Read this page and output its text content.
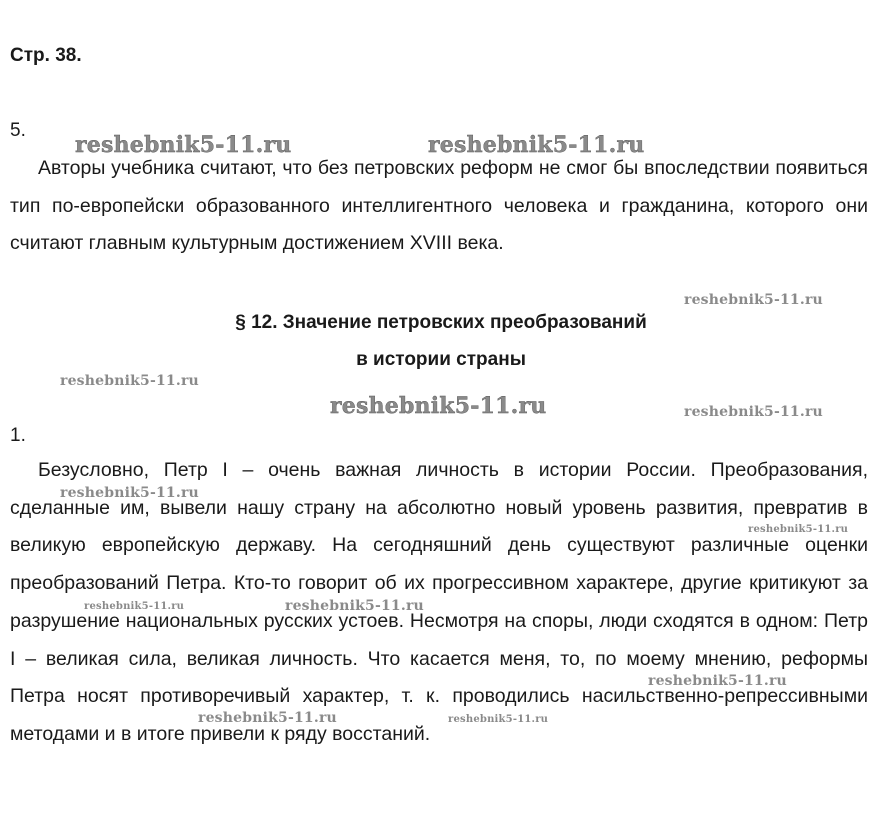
Стр. 38.
5.

Авторы учебника считают, что без петровских реформ не смог бы впоследствии появиться тип по-европейски образованного интеллигентного человека и гражданина, которого они считают главным культурным достижением XVIII века.

§ 12. Значение петровских преобразований
в истории страны
1.

Безусловно, Петр I – очень важная личность в истории России. Преобразования, сделанные им, вывели нашу страну на абсолютно новый уровень развития, превратив в великую европейскую державу. На сегодняшний день существуют различные оценки преобразований Петра. Кто-то говорит об их прогрессивном характере, другие критикуют за разрушение национальных русских устоев. Несмотря на споры, люди сходятся в одном: Петр I – великая сила, великая личность. Что касается меня, то, по моему мнению, реформы Петра носят противоречивый характер, т. к. проводились насильственно-репрессивными методами и в итоге привели к ряду восстаний.

reshebnik5-11.ru	reshebnik5-11.ru
reshebnik5-11.ru
reshebnik5-11.ru
reshebnik5-11.ru	reshebnik5-11.ru
reshebnik5-11.ru
reshebnik5-11.ru
reshebnik5-11.ru	reshebnik5-11.ru
reshebnik5-11.ru
reshebnik5-11.ru	reshebnik5-11.ru
